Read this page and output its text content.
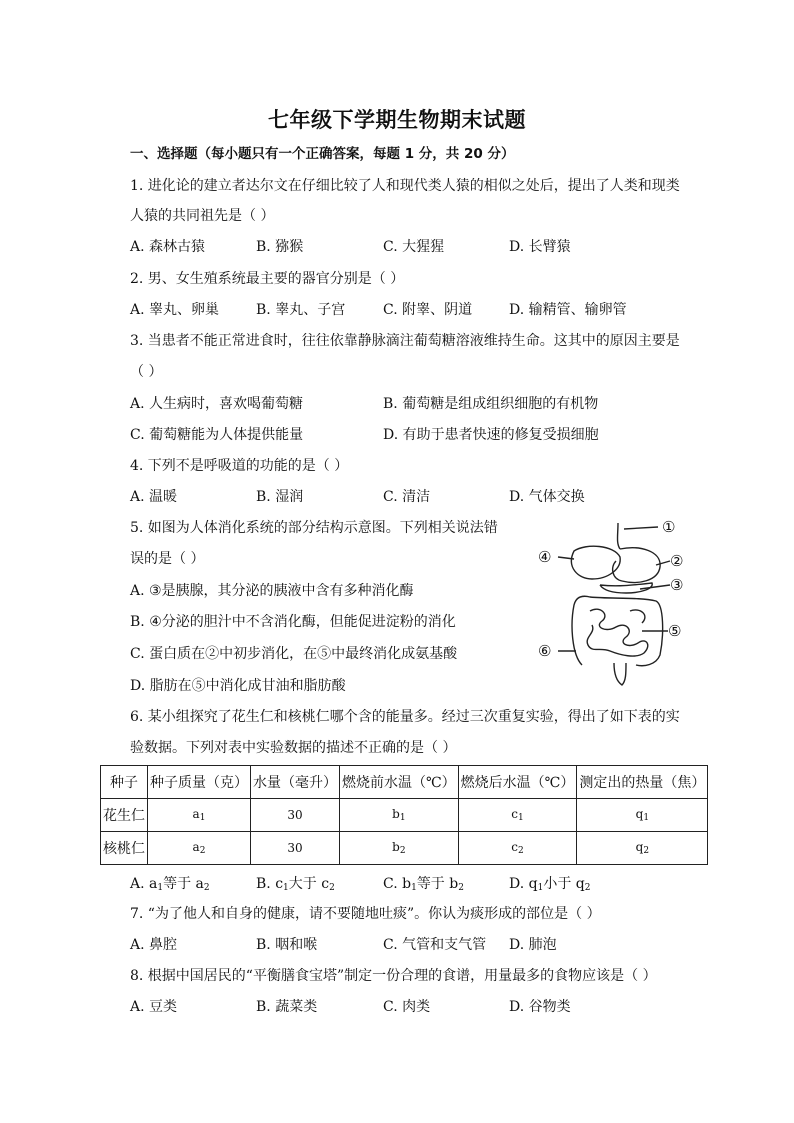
七年级下学期生物期末试题
一、选择题（每小题只有一个正确答案，每题 1 分，共 20 分）
1. 进化论的建立者达尔文在仔细比较了人和现代类人猿的相似之处后，提出了人类和现类
人猿的共同祖先是（ ）
A. 森林古猿	B. 猕猴	C. 大猩猩	D. 长臂猿
2. 男、女生殖系统最主要的器官分别是（ ）
A. 睾丸、卵巢	B. 睾丸、子宫	C. 附睾、阴道	D. 输精管、输卵管
3. 当患者不能正常进食时，往往依靠静脉滴注葡萄糖溶液维持生命。这其中的原因主要是
（ ）
A. 人生病时，喜欢喝葡萄糖	B. 葡萄糖是组成组织细胞的有机物
C. 葡萄糖能为人体提供能量	D. 有助于患者快速的修复受损细胞
4. 下列不是呼吸道的功能的是（ ）
A. 温暖	B. 湿润	C. 清洁	D. 气体交换
5. 如图为人体消化系统的部分结构示意图。下列相关说法错
误的是（ ）
A. ③是胰腺，其分泌的胰液中含有多种消化酶
B. ④分泌的胆汁中不含消化酶，但能促进淀粉的消化
C. 蛋白质在②中初步消化，在⑤中最终消化成氨基酸
D. 脂肪在⑤中消化成甘油和脂肪酸
①
②
③
④
⑤
⑥
6. 某小组探究了花生仁和核桃仁哪个含的能量多。经过三次重复实验，得出了如下表的实
验数据。下列对表中实验数据的描述不正确的是（ ）
种子	种子质量（克）	水量（毫升）	燃烧前水温（℃）	燃烧后水温（℃）	测定出的热量（焦）
花生仁	$a_1$	30	$b_1$	$c_1$	$q_1$
核桃仁	$a_2$	30	$b_2$	$c_2$	$q_2$
A. $a_1$等于 $a_2$	B. $c_1$大于 $c_2$	C. $b_1$等于 $b_2$	D. $q_1$小于 $q_2$
7. “为了他人和自身的健康，请不要随地吐痰”。你认为痰形成的部位是（ ）
A. 鼻腔	B. 咽和喉	C. 气管和支气管 D. 肺泡
8. 根据中国居民的“平衡膳食宝塔”制定一份合理的食谱，用量最多的食物应该是（ ）
A. 豆类	B. 蔬菜类	C. 肉类	D. 谷物类
